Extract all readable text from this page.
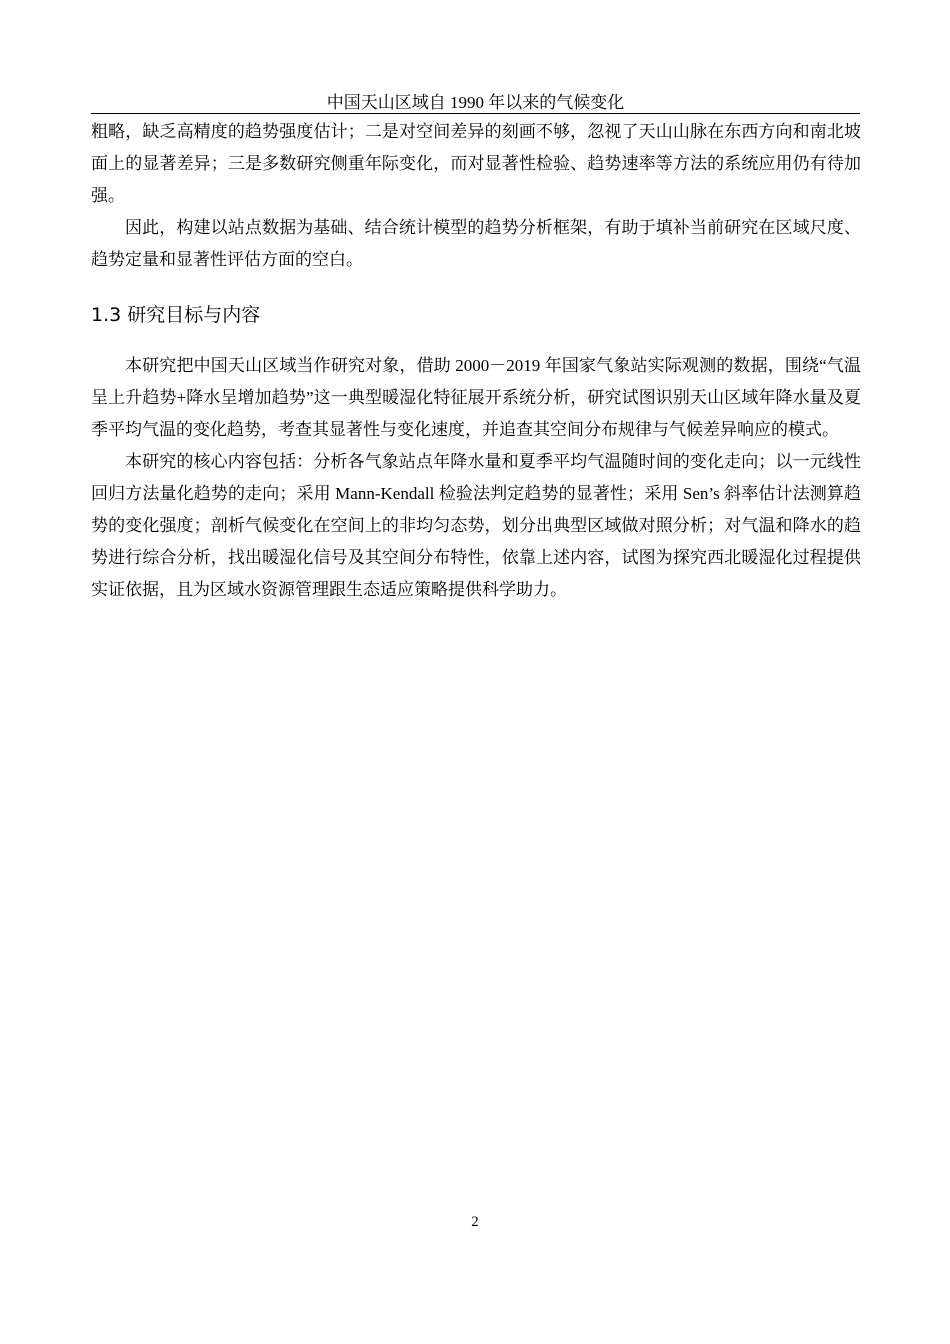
中国天山区域自 1990 年以来的气候变化

粗略，缺乏高精度的趋势强度估计；二是对空间差异的刻画不够，忽视了天山山脉在东西方向和南北坡面上的显著差异；三是多数研究侧重年际变化，而对显著性检验、趋势速率等方法的系统应用仍有待加强。

因此，构建以站点数据为基础、结合统计模型的趋势分析框架，有助于填补当前研究在区域尺度、趋势定量和显著性评估方面的空白。

1.3 研究目标与内容

本研究把中国天山区域当作研究对象，借助 2000－2019 年国家气象站实际观测的数据，围绕“气温呈上升趋势+降水呈增加趋势”这一典型暖湿化特征展开系统分析，研究试图识别天山区域年降水量及夏季平均气温的变化趋势，考查其显著性与变化速度，并追查其空间分布规律与气候差异响应的模式。

本研究的核心内容包括：分析各气象站点年降水量和夏季平均气温随时间的变化走向；以一元线性回归方法量化趋势的走向；采用 Mann-Kendall 检验法判定趋势的显著性；采用 Sen’s 斜率估计法测算趋势的变化强度；剖析气候变化在空间上的非均匀态势，划分出典型区域做对照分析；对气温和降水的趋势进行综合分析，找出暖湿化信号及其空间分布特性，依靠上述内容，试图为探究西北暖湿化过程提供实证依据，且为区域水资源管理跟生态适应策略提供科学助力。

2
